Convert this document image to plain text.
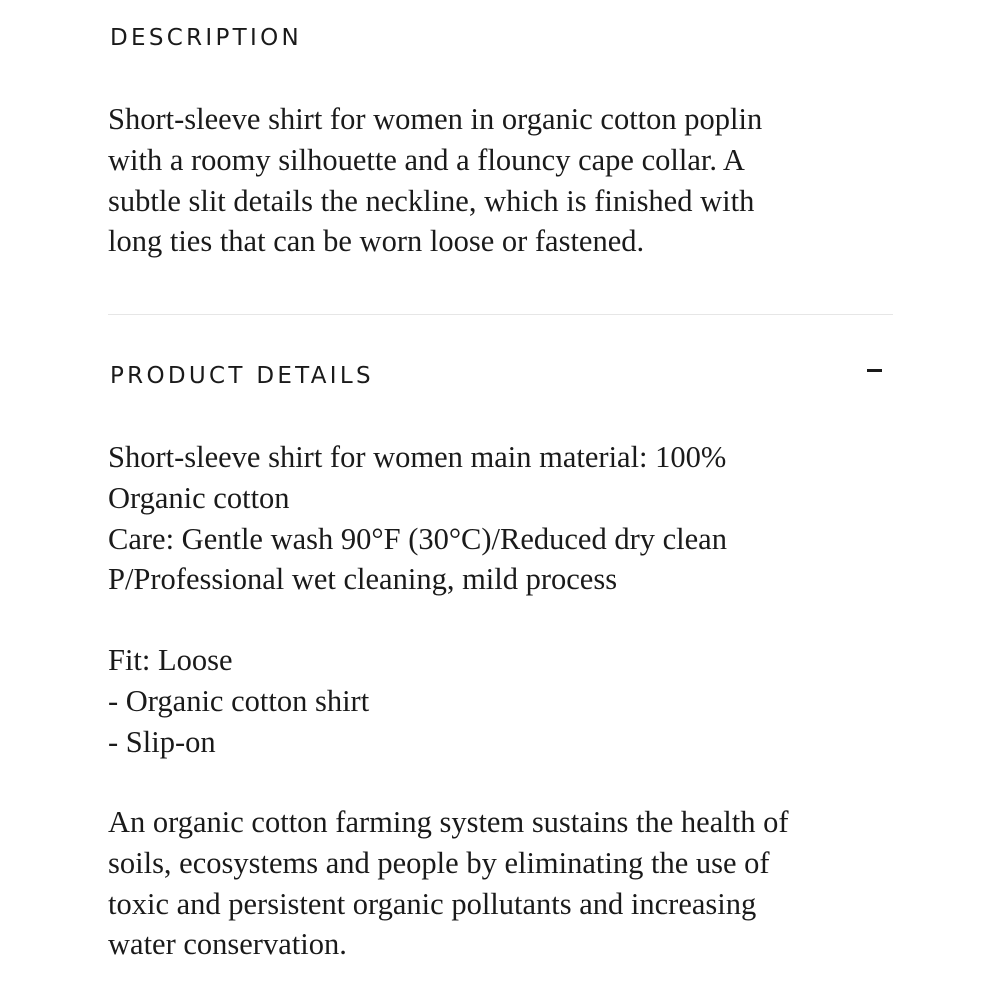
DESCRIPTION
Short-sleeve shirt for women in organic cotton poplin
with a roomy silhouette and a flouncy cape collar. A
subtle slit details the neckline, which is finished with
long ties that can be worn loose or fastened.
PRODUCT DETAILS
Short-sleeve shirt for women main material: 100%
Organic cotton
Care: Gentle wash 90°F (30°C)/Reduced dry clean
P/Professional wet cleaning, mild process
Fit: Loose
- Organic cotton shirt
- Slip-on
An organic cotton farming system sustains the health of
soils, ecosystems and people by eliminating the use of
toxic and persistent organic pollutants and increasing
water conservation.
